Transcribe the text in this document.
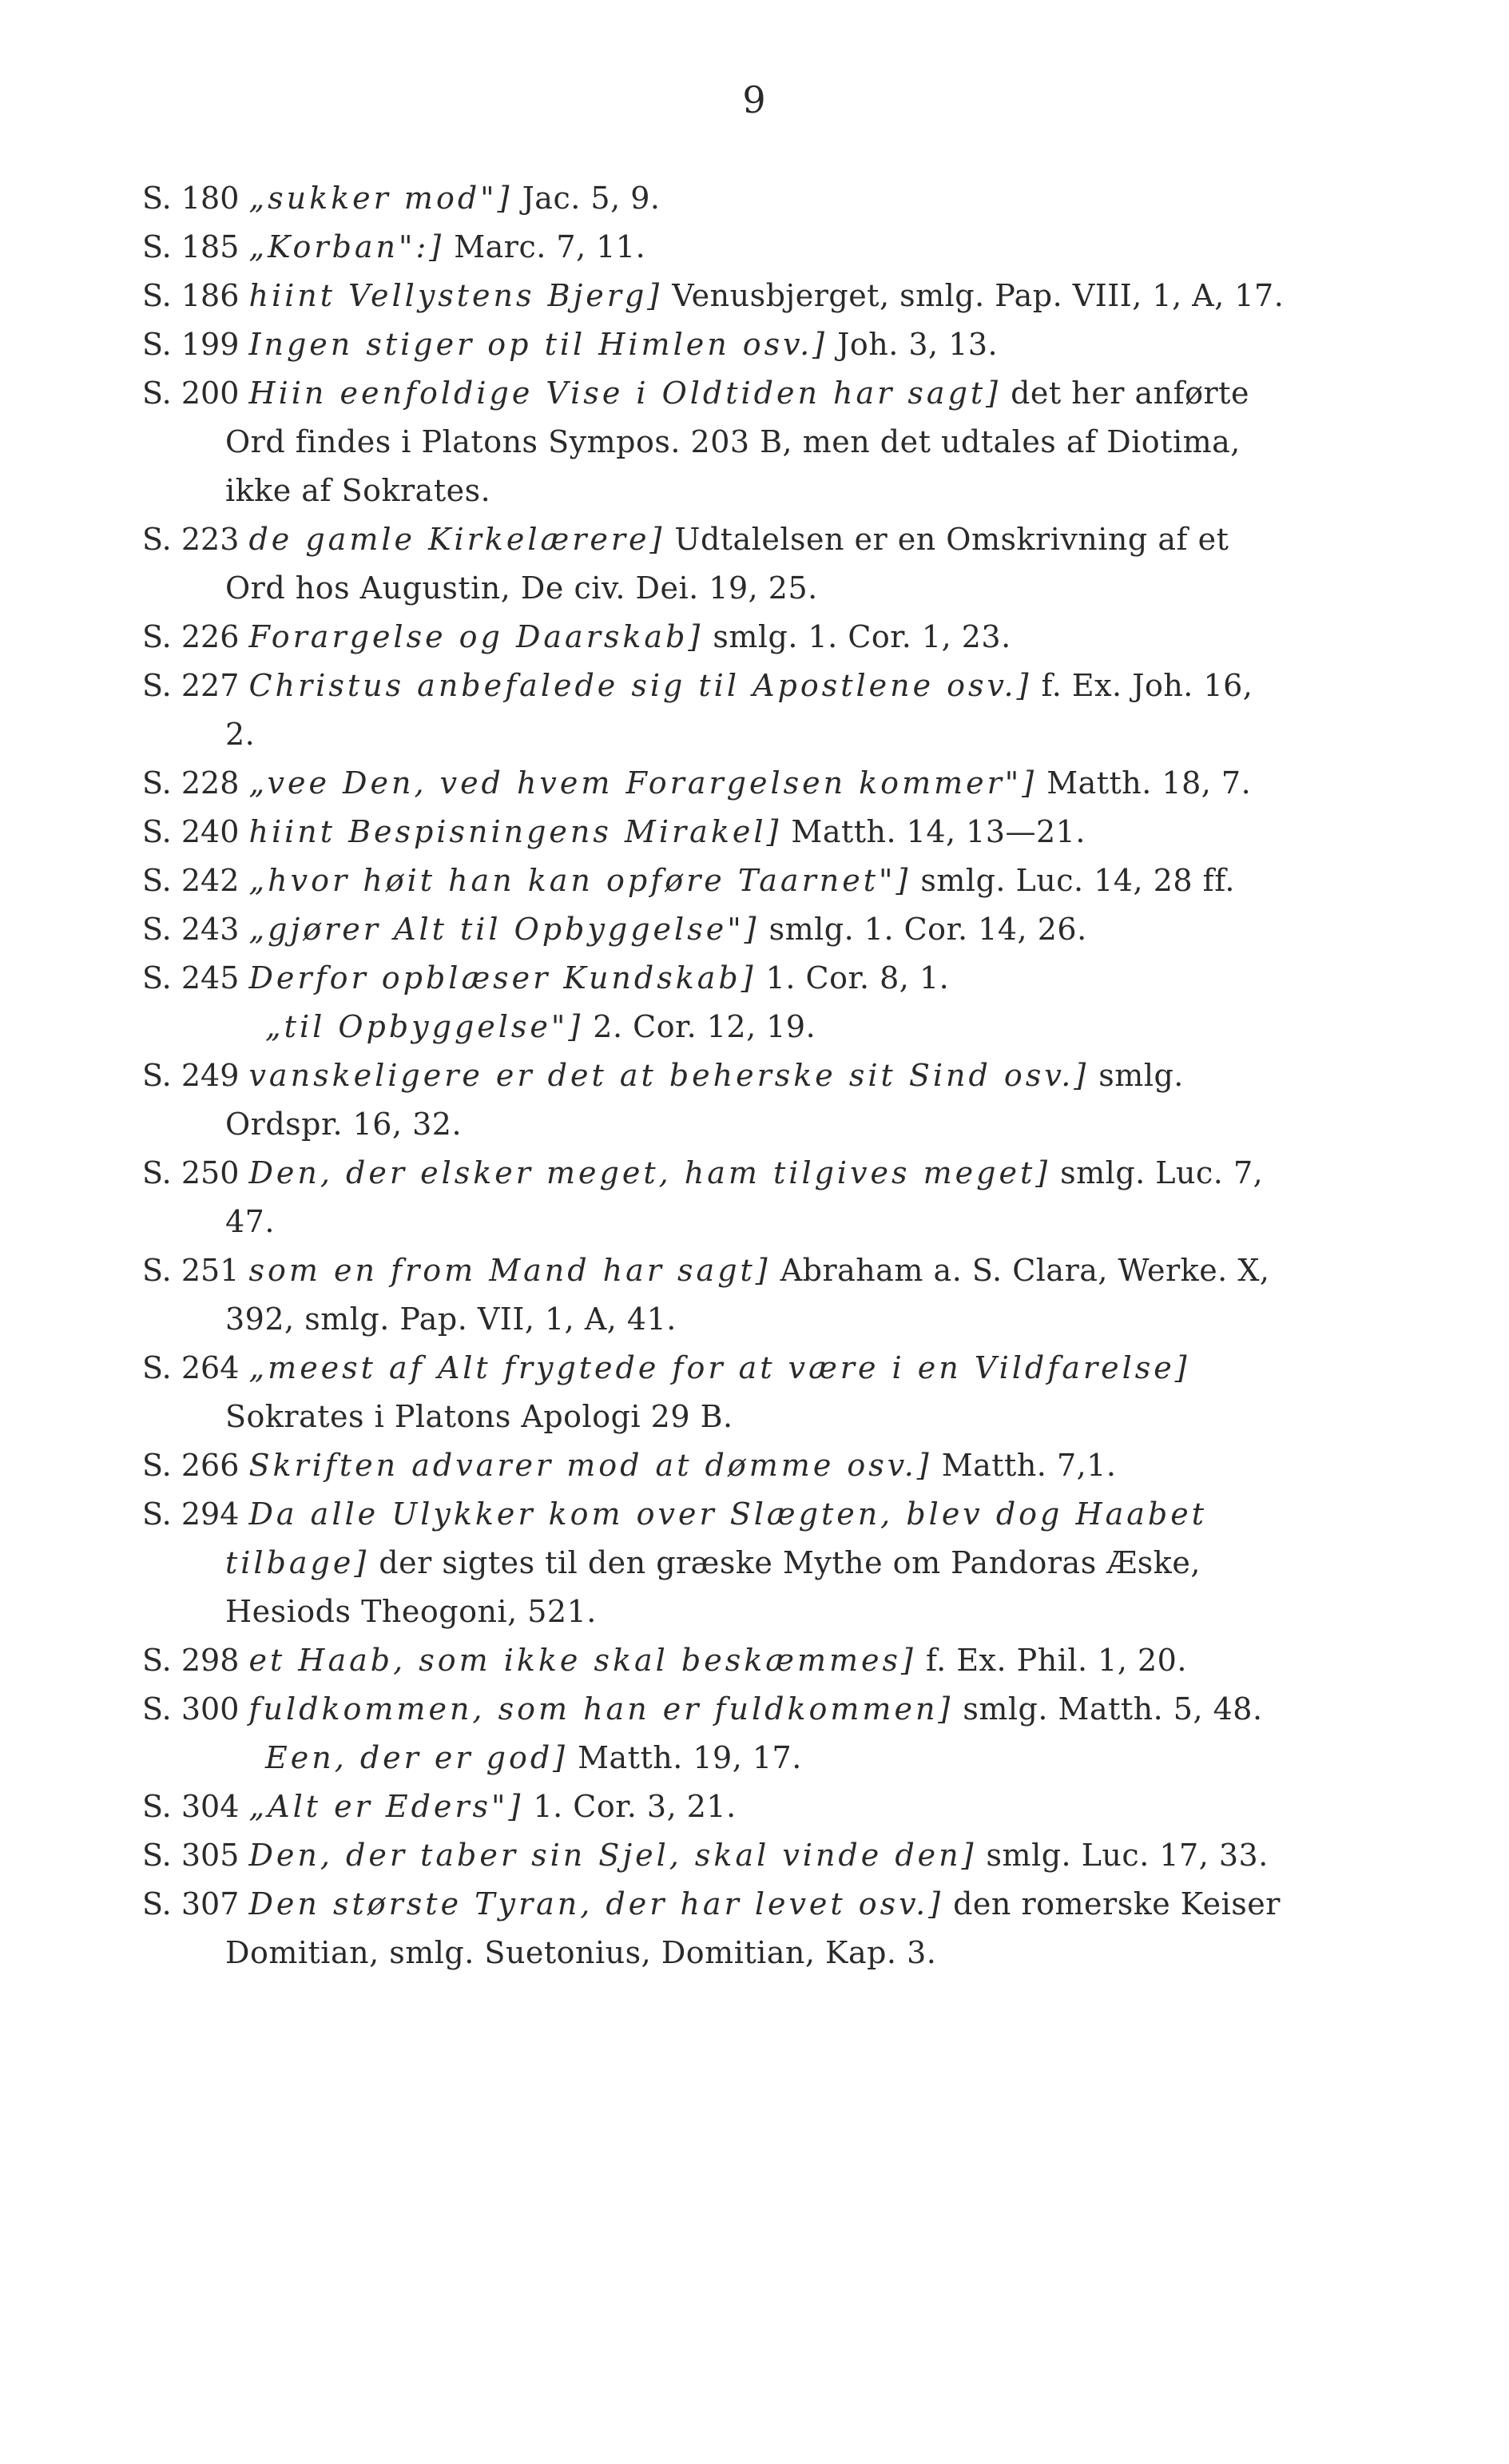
9

S. 180 „sukker mod"] Jac. 5, 9.

S. 185 „Korban":] Marc. 7, 11.

S. 186 hiint Vellystens Bjerg] Venusbjerget, smlg. Pap. VIII, 1, A, 17.

S. 199 Ingen stiger op til Himlen osv.] Joh. 3, 13.

S. 200 Hiin eenfoldige Vise i Oldtiden har sagt] det her anførte Ord findes i Platons Sympos. 203 B, men det udtales af Diotima, ikke af Sokrates.

S. 223 de gamle Kirkelærere] Udtalelsen er en Omskrivning af et Ord hos Augustin, De civ. Dei. 19, 25.

S. 226 Forargelse og Daarskab] smlg. 1. Cor. 1, 23.

S. 227 Christus anbefalede sig til Apostlene osv.] f. Ex. Joh. 16, 2.

S. 228 „vee Den, ved hvem Forargelsen kommer"] Matth. 18, 7.

S. 240 hiint Bespisningens Mirakel] Matth. 14, 13—21.

S. 242 „hvor høit han kan opføre Taarnet"] smlg. Luc. 14, 28 ff.

S. 243 „gjører Alt til Opbyggelse"] smlg. 1. Cor. 14, 26.

S. 245 Derfor opblæser Kundskab] 1. Cor. 8, 1.

„til Opbyggelse"] 2. Cor. 12, 19.

S. 249 vanskeligere er det at beherske sit Sind osv.] smlg. Ordspr. 16, 32.

S. 250 Den, der elsker meget, ham tilgives meget] smlg. Luc. 7, 47.

S. 251 som en from Mand har sagt] Abraham a. S. Clara, Werke. X, 392, smlg. Pap. VII, 1, A, 41.

S. 264 „meest af Alt frygtede for at være i en Vildfarelse] Sokrates i Platons Apologi 29 B.

S. 266 Skriften advarer mod at dømme osv.] Matth. 7,1.

S. 294 Da alle Ulykker kom over Slægten, blev dog Haabet tilbage] der sigtes til den græske Mythe om Pandoras Æske, Hesiods Theogoni, 521.

S. 298 et Haab, som ikke skal beskæmmes] f. Ex. Phil. 1, 20.

S. 300 fuldkommen, som han er fuldkommen] smlg. Matth. 5, 48.

Een, der er god] Matth. 19, 17.

S. 304 „Alt er Eders"] 1. Cor. 3, 21.

S. 305 Den, der taber sin Sjel, skal vinde den] smlg. Luc. 17, 33.

S. 307 Den største Tyran, der har levet osv.] den romerske Keiser Domitian, smlg. Suetonius, Domitian, Kap. 3.
